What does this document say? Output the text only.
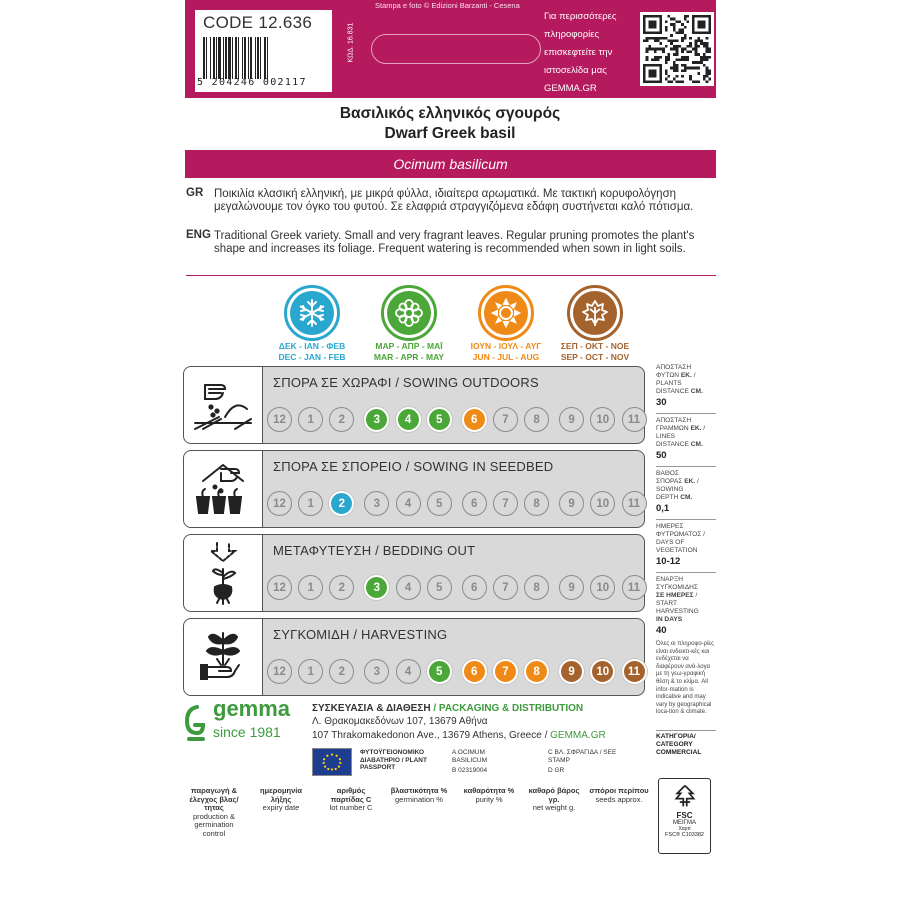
CODE 12.636
5 204246 002117
ΚΩΔ. 16.831
Stampa e foto © Edizioni Barzanti - Cesena
Για περισσότερες
πληροφορίες
επισκεφτείτε την
ιστοσελίδα μας
GEMMA.GR
Βασιλικός ελληνικός σγουρός
Dwarf Greek basil
Ocimum basilicum
GR Ποικιλία κλασική ελληνική, με μικρά φύλλα, ιδιαίτερα αρωματικά. Με τακτική κορυφολόγηση μεγαλώνουμε τον όγκο του φυτού. Σε ελαφριά στραγγιζόμενα εδάφη συστήνεται καλό πότισμα.
ENG Traditional Greek variety. Small and very fragrant leaves. Regular pruning promotes the plant's shape and increases its foliage. Frequent watering is recommended when sown in light soils.
ΔΕΚ - ΙΑΝ - ΦΕΒ
DEC - JAN - FEB
ΜΑΡ - ΑΠΡ - ΜΑΪ
MAR - APR - MAY
ΙΟΥΝ - ΙΟΥΛ - ΑΥΓ
JUN - JUL - AUG
ΣΕΠ - ΟΚΤ - ΝΟΕ
SEP - OCT - NOV
ΣΠΟΡΑ ΣΕ ΧΩΡΑΦΙ / SOWING OUTDOORS
12	1	2	3	4	5	6	7	8	9	10	11
ΣΠΟΡΑ ΣΕ ΣΠΟΡΕΙΟ / SOWING IN SEEDBED
12	1	2	3	4	5	6	7	8	9	10	11
ΜΕΤΑΦΥΤΕΥΣΗ / BEDDING OUT
12	1	2	3	4	5	6	7	8	9	10	11
ΣΥΓΚΟΜΙΔΗ / HARVESTING
12	1	2	3	4	5	6	7	8	9	10	11
ΑΠΟΣΤΑΣΗ
ΦΥΤΩΝ ΕΚ. /
PLANTS
DISTANCE CM.
30
ΑΠΟΣΤΑΣΗ
ΓΡΑΜΜΩΝ ΕΚ. /
LINES
DISTANCE CM.
50
ΒΑΘΟΣ
ΣΠΟΡΑΣ ΕΚ. /
SOWING
DEPTH CM.
0,1
ΗΜΕΡΕΣ
ΦΥΤΡΩΜΑΤΟΣ /
DAYS OF
VEGETATION
10-12
ΕΝΑΡΞΗ
ΣΥΓΚΟΜΙΔΗΣ
ΣΕ ΗΜΕΡΕΣ /
START
HARVESTING
IN DAYS
40
Όλες οι πληροφο-ρίες είναι ενδεικτι-κές και ενδέχεται να διαφέρουν ανά-λογα με τη γεω-γραφική θέση & το κλίμα. All infor-mation is indicative and may vary by geographical loca-tion & climate.
ΚΑΤΗΓΟΡΙΑ/ CATEGORY
COMMERCIAL
gemma
since 1981
ΣΥΣΚΕΥΑΣΙΑ & ΔΙΑΘΕΣΗ / PACKAGING & DISTRIBUTION
Λ. Θρακομακεδόνων 107, 13679 Αθήνα
107 Thrakomakedonon Ave., 13679 Athens, Greece / GEMMA.GR
ΦΥΤΟΫΓΕΙΟΝΟΜΙΚΟ ΔΙΑΒΑΤΗΡΙΟ / PLANT PASSPORT
A OCIMUM BASILICUM
B 02319004
C ΒΛ. ΣΦΡΑΓΙΔΑ / SEE STAMP
D GR
παραγωγή & έλεγχος βλας/τητας
production & germination control
ημερομηνία λήξης
expiry date
αριθμός παρτίδας C
lot number C
βλαστικότητα %
germination %
καθαρότητα %
purity %
καθαρό βάρος γρ.
net weight g.
σπόροι περίπου
seeds approx.
FSC
ΜΕΙΓΜΑ
Χαρτί
FSC® C103382
